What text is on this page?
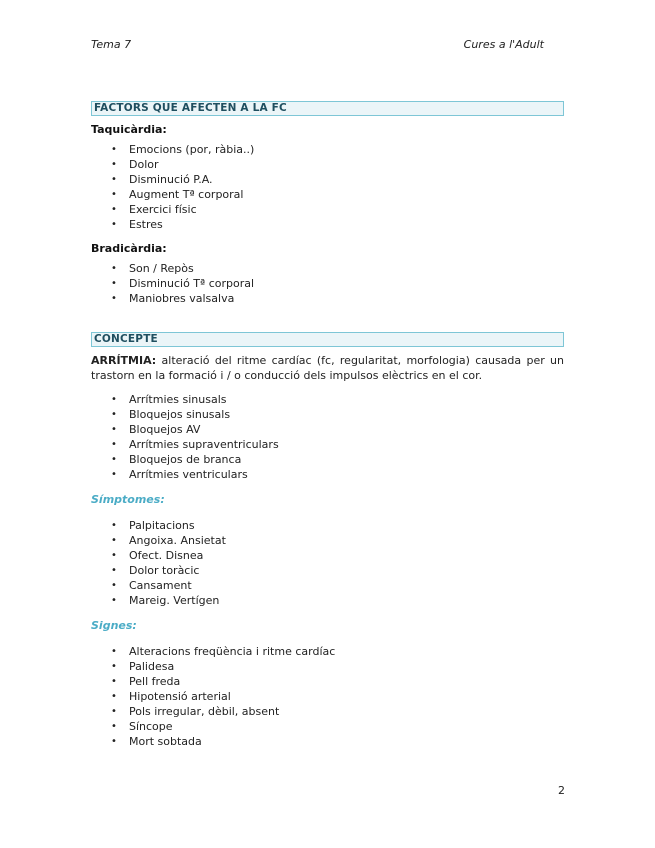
Tema 7	Cures a l'Adult
FACTORS QUE AFECTEN A LA FC
Taquicàrdia:
• Emocions (por, ràbia..)
• Dolor
• Disminució P.A.
• Augment Tª corporal
• Exercici físic
• Estres
Bradicàrdia:
• Son / Repòs
• Disminució Tª corporal
• Maniobres valsalva
CONCEPTE
ARRÍTMIA: alteració del ritme cardíac (fc, regularitat, morfologia) causada per un trastorn en la formació i / o conducció dels impulsos elèctrics en el cor.
• Arrítmies sinusals
• Bloquejos sinusals
• Bloquejos AV
• Arrítmies supraventriculars
• Bloquejos de branca
• Arrítmies ventriculars
Símptomes:
• Palpitacions
• Angoixa. Ansietat
• Ofect. Disnea
• Dolor toràcic
• Cansament
• Mareig. Vertígen
Signes:
• Alteracions freqüència i ritme cardíac
• Palidesa
• Pell freda
• Hipotensió arterial
• Pols irregular, dèbil, absent
• Síncope
• Mort sobtada
2
